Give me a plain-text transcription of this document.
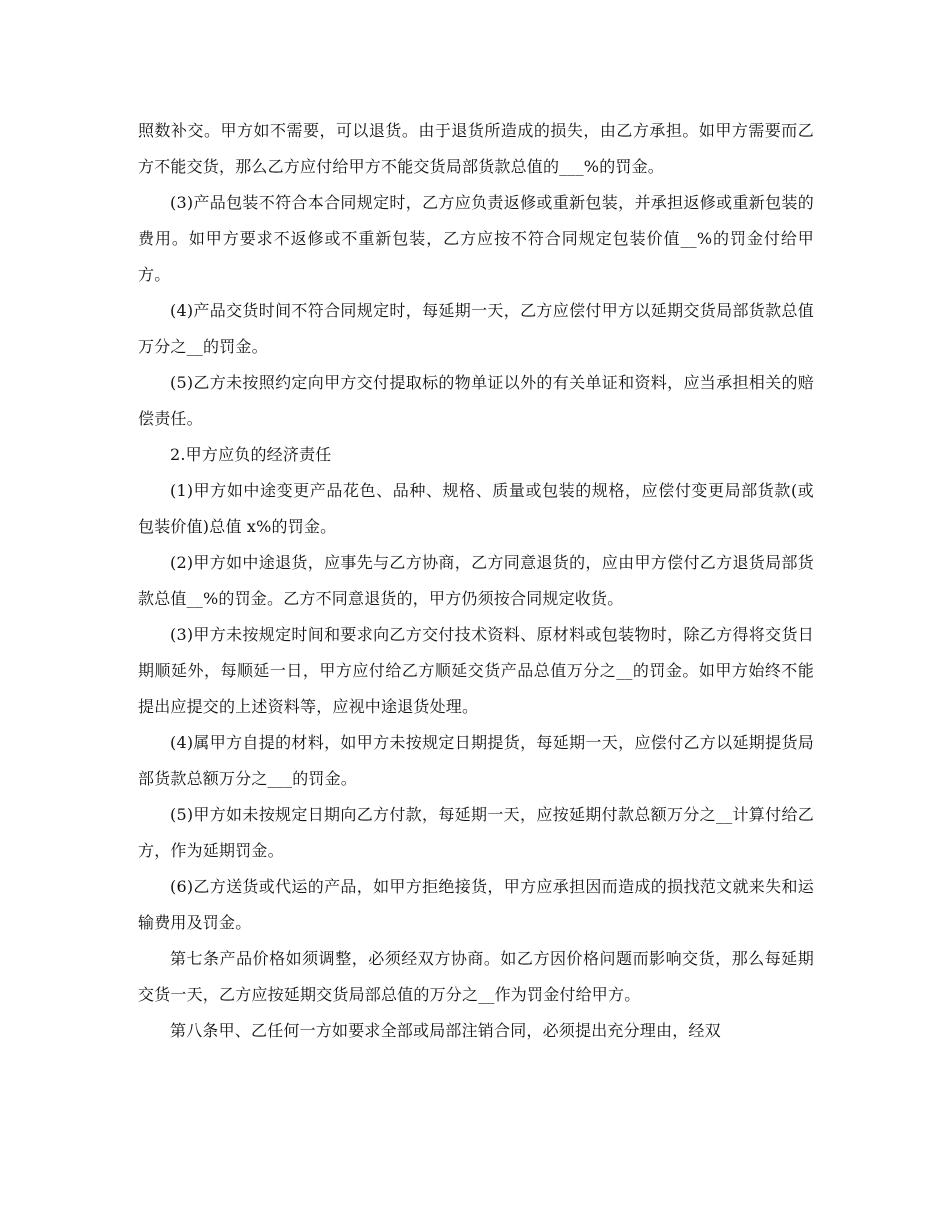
照数补交。甲方如不需要，可以退货。由于退货所造成的损失，由乙方承担。如甲方需要而乙方不能交货，那么乙方应付给甲方不能交货局部货款总值的___%的罚金。

(3)产品包装不符合本合同规定时，乙方应负责返修或重新包装，并承担返修或重新包装的费用。如甲方要求不返修或不重新包装，乙方应按不符合同规定包装价值__%的罚金付给甲方。

(4)产品交货时间不符合同规定时，每延期一天，乙方应偿付甲方以延期交货局部货款总值万分之__的罚金。

(5)乙方未按照约定向甲方交付提取标的物单证以外的有关单证和资料，应当承担相关的赔偿责任。

2.甲方应负的经济责任

(1)甲方如中途变更产品花色、品种、规格、质量或包装的规格，应偿付变更局部货款(或包装价值)总值 x%的罚金。

(2)甲方如中途退货，应事先与乙方协商，乙方同意退货的，应由甲方偿付乙方退货局部货款总值__%的罚金。乙方不同意退货的，甲方仍须按合同规定收货。

(3)甲方未按规定时间和要求向乙方交付技术资料、原材料或包装物时，除乙方得将交货日期顺延外，每顺延一日，甲方应付给乙方顺延交货产品总值万分之__的罚金。如甲方始终不能提出应提交的上述资料等，应视中途退货处理。

(4)属甲方自提的材料，如甲方未按规定日期提货，每延期一天，应偿付乙方以延期提货局部货款总额万分之___的罚金。

(5)甲方如未按规定日期向乙方付款，每延期一天，应按延期付款总额万分之__计算付给乙方，作为延期罚金。

(6)乙方送货或代运的产品，如甲方拒绝接货，甲方应承担因而造成的损找范文就来失和运输费用及罚金。

第七条产品价格如须调整，必须经双方协商。如乙方因价格问题而影响交货，那么每延期交货一天，乙方应按延期交货局部总值的万分之__作为罚金付给甲方。

第八条甲、乙任何一方如要求全部或局部注销合同，必须提出充分理由，经双
